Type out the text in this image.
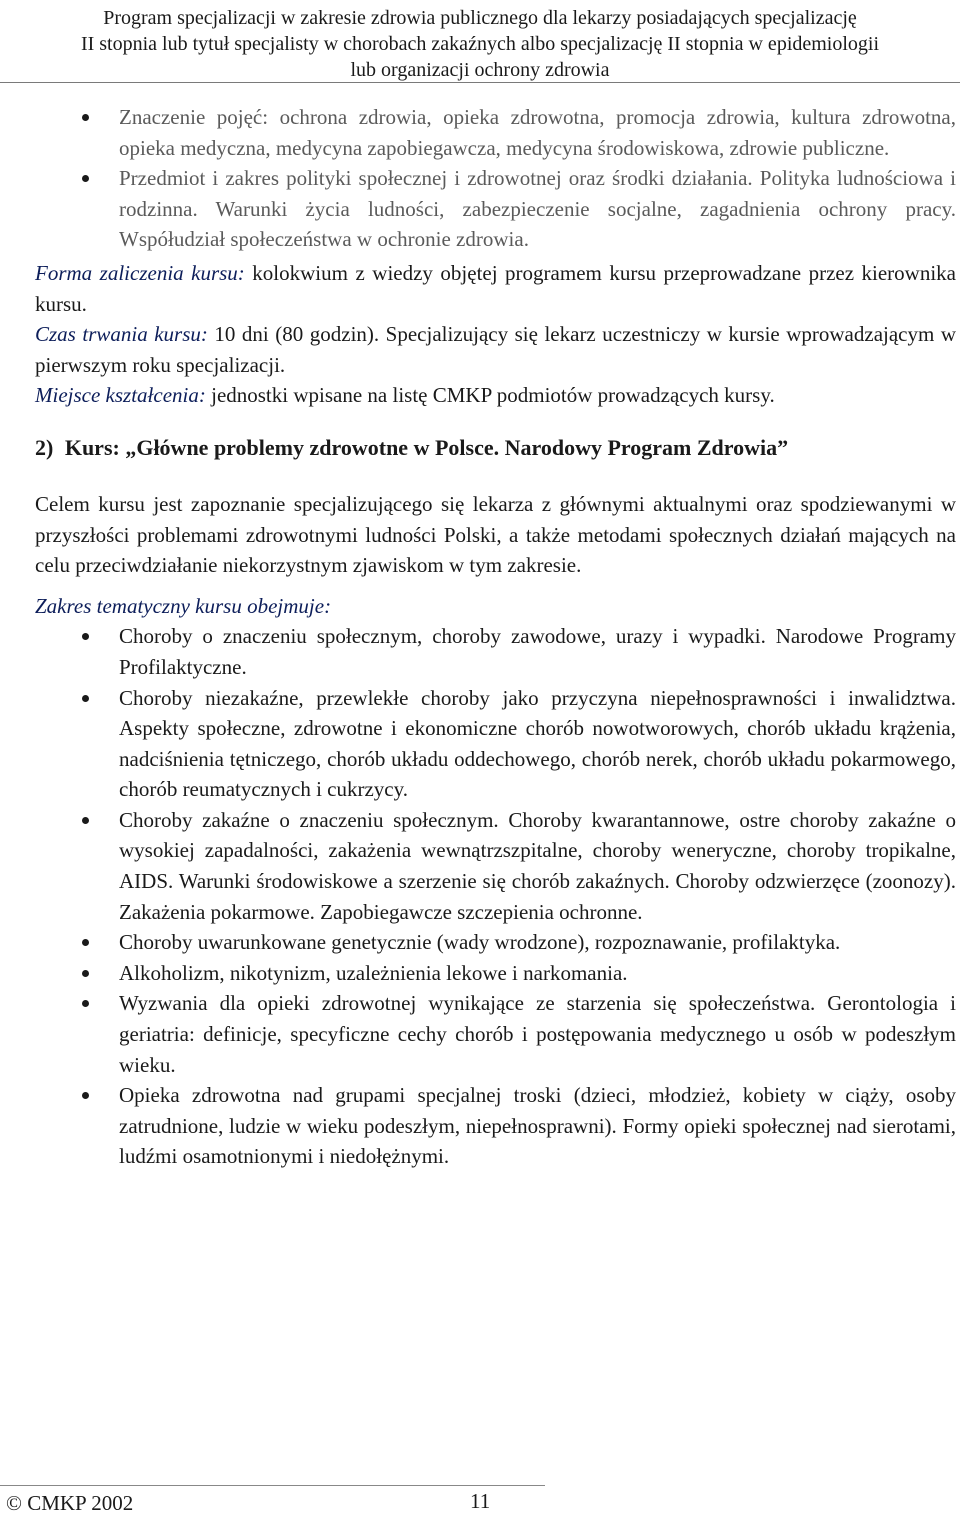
Program specjalizacji w zakresie zdrowia publicznego dla lekarzy posiadających specjalizację
II stopnia lub tytuł specjalisty w chorobach zakaźnych albo specjalizację II stopnia w epidemiologii
lub organizacji ochrony zdrowia
Znaczenie pojęć: ochrona zdrowia, opieka zdrowotna, promocja zdrowia, kultura zdrowotna, opieka medyczna, medycyna zapobiegawcza, medycyna środowiskowa, zdrowie publiczne.
Przedmiot i zakres polityki społecznej i zdrowotnej oraz środki działania. Polityka ludnościowa i rodzinna. Warunki życia ludności, zabezpieczenie socjalne, zagadnienia ochrony pracy. Współudział społeczeństwa w ochronie zdrowia.

Forma zaliczenia kursu: kolokwium z wiedzy objętej programem kursu przeprowadzane przez kierownika kursu.

Czas trwania kursu: 10 dni (80 godzin). Specjalizujący się lekarz uczestniczy w kursie wprowadzającym w pierwszym roku specjalizacji.

Miejsce kształcenia: jednostki wpisane na listę CMKP podmiotów prowadzących kursy.

2) Kurs: „Główne problemy zdrowotne w Polsce. Narodowy Program Zdrowia”

Celem kursu jest zapoznanie specjalizującego się lekarza z głównymi aktualnymi oraz spodziewanymi w przyszłości problemami zdrowotnymi ludności Polski, a także metodami społecznych działań mających na celu przeciwdziałanie niekorzystnym zjawiskom w tym zakresie.

Zakres tematyczny kursu obejmuje:

Choroby o znaczeniu społecznym, choroby zawodowe, urazy i wypadki. Narodowe Programy Profilaktyczne.
Choroby niezakaźne, przewlekłe choroby jako przyczyna niepełnosprawności i inwalidztwa. Aspekty społeczne, zdrowotne i ekonomiczne chorób nowotworowych, chorób układu krążenia, nadciśnienia tętniczego, chorób układu oddechowego, chorób nerek, chorób układu pokarmowego, chorób reumatycznych i cukrzycy.
Choroby zakaźne o znaczeniu społecznym. Choroby kwarantannowe, ostre choroby zakaźne o wysokiej zapadalności, zakażenia wewnątrzszpitalne, choroby weneryczne, choroby tropikalne, AIDS. Warunki środowiskowe a szerzenie się chorób zakaźnych. Choroby odzwierzęce (zoonozy). Zakażenia pokarmowe. Zapobiegawcze szczepienia ochronne.
Choroby uwarunkowane genetycznie (wady wrodzone), rozpoznawanie, profilaktyka.
Alkoholizm, nikotynizm, uzależnienia lekowe i narkomania.
Wyzwania dla opieki zdrowotnej wynikające ze starzenia się społeczeństwa. Gerontologia i geriatria: definicje, specyficzne cechy chorób i postępowania medycznego u osób w podeszłym wieku.
Opieka zdrowotna nad grupami specjalnej troski (dzieci, młodzież, kobiety w ciąży, osoby zatrudnione, ludzie w wieku podeszłym, niepełnosprawni). Formy opieki społecznej nad sierotami, ludźmi osamotnionymi i niedołężnymi.
© CMKP 2002	11
